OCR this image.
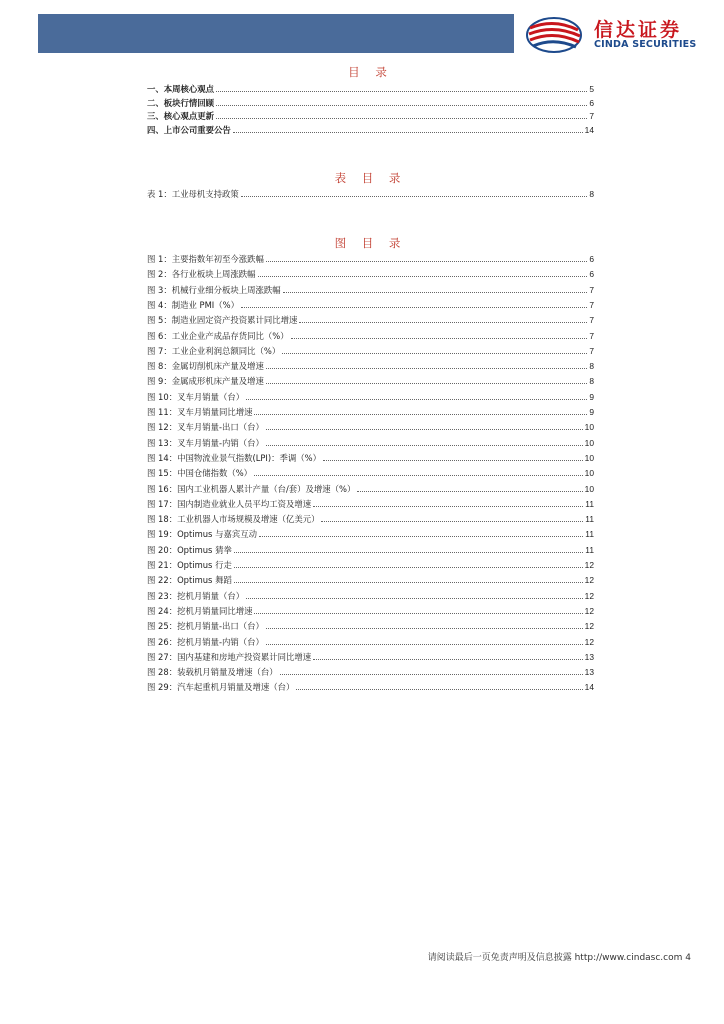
信达证券
CINDA SECURITIES
目 录
一、本周核心观点	5
二、板块行情回顾	6
三、核心观点更新	7
四、上市公司重要公告	14
表 目 录
表 1：工业母机支持政策	8
图 目 录
图 1：主要指数年初至今涨跌幅	6
图 2：各行业板块上周涨跌幅	6
图 3：机械行业细分板块上周涨跌幅	7
图 4：制造业 PMI（%）	7
图 5：制造业固定资产投资累计同比增速	7
图 6：工业企业产成品存货同比（%）	7
图 7：工业企业利润总额同比（%）	7
图 8：金属切削机床产量及增速	8
图 9：金属成形机床产量及增速	8
图 10：叉车月销量（台）	9
图 11：叉车月销量同比增速	9
图 12：叉车月销量-出口（台）	10
图 13：叉车月销量-内销（台）	10
图 14：中国物流业景气指数(LPI)：季调（%）	10
图 15：中国仓储指数（%）	10
图 16：国内工业机器人累计产量（台/套）及增速（%）	10
图 17：国内制造业就业人员平均工资及增速	11
图 18：工业机器人市场规模及增速（亿美元）	11
图 19：Optimus 与嘉宾互动	11
图 20：Optimus 猜拳	11
图 21：Optimus 行走	12
图 22：Optimus 舞蹈	12
图 23：挖机月销量（台）	12
图 24：挖机月销量同比增速	12
图 25：挖机月销量-出口（台）	12
图 26：挖机月销量-内销（台）	12
图 27：国内基建和房地产投资累计同比增速	13
图 28：装载机月销量及增速（台）	13
图 29：汽车起重机月销量及增速（台）	14
请阅读最后一页免责声明及信息披露 http://www.cindasc.com 4
